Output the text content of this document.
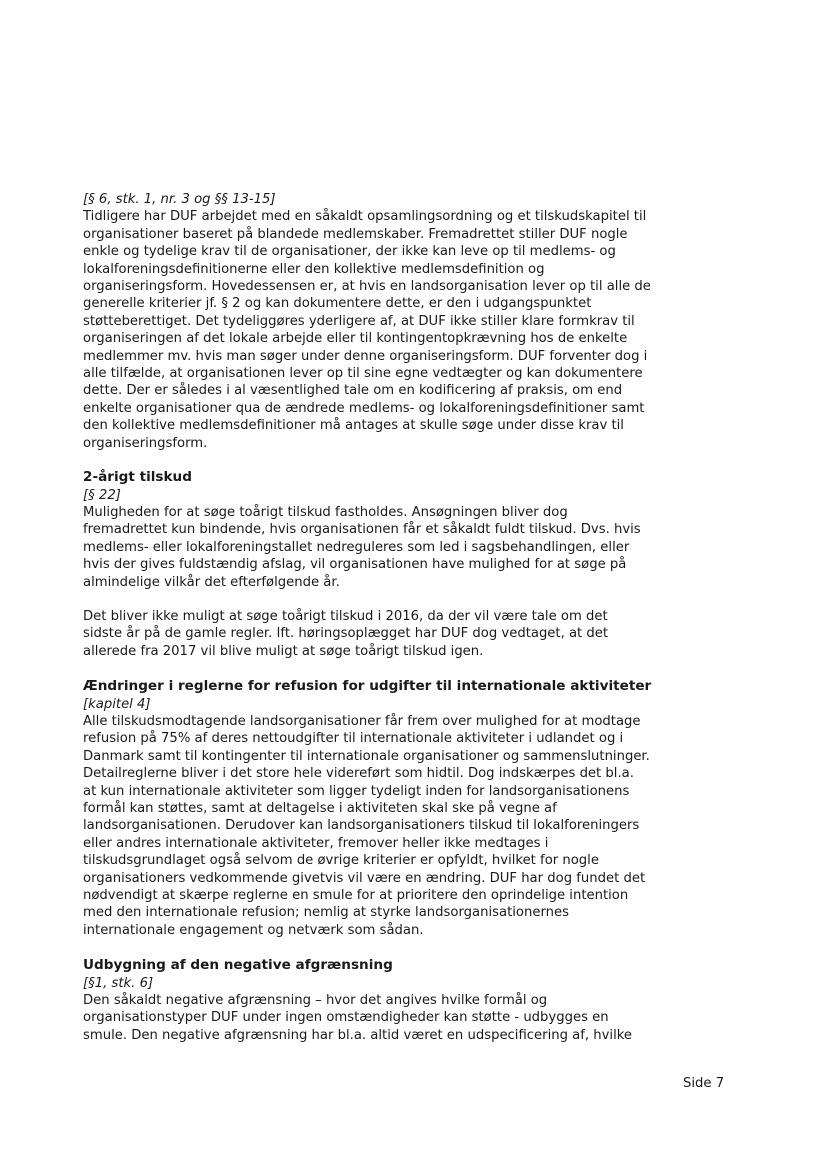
[§ 6, stk. 1, nr. 3 og §§ 13-15]

Tidligere har DUF arbejdet med en såkaldt opsamlingsordning og et tilskudskapitel til
organisationer baseret på blandede medlemskaber. Fremadrettet stiller DUF nogle
enkle og tydelige krav til de organisationer, der ikke kan leve op til medlems- og
lokalforeningsdefinitionerne eller den kollektive medlemsdefinition og
organiseringsform. Hovedessensen er, at hvis en landsorganisation lever op til alle de
generelle kriterier jf. § 2 og kan dokumentere dette, er den i udgangspunktet
støtteberettiget. Det tydeliggøres yderligere af, at DUF ikke stiller klare formkrav til
organiseringen af det lokale arbejde eller til kontingentopkrævning hos de enkelte
medlemmer mv. hvis man søger under denne organiseringsform. DUF forventer dog i
alle tilfælde, at organisationen lever op til sine egne vedtægter og kan dokumentere
dette. Der er således i al væsentlighed tale om en kodificering af praksis, om end
enkelte organisationer qua de ændrede medlems- og lokalforeningsdefinitioner samt
den kollektive medlemsdefinitioner må antages at skulle søge under disse krav til
organiseringsform.

2-årigt tilskud

[§ 22]

Muligheden for at søge toårigt tilskud fastholdes. Ansøgningen bliver dog
fremadrettet kun bindende, hvis organisationen får et såkaldt fuldt tilskud. Dvs. hvis
medlems- eller lokalforeningstallet nedreguleres som led i sagsbehandlingen, eller
hvis der gives fuldstændig afslag, vil organisationen have mulighed for at søge på
almindelige vilkår det efterfølgende år.

Det bliver ikke muligt at søge toårigt tilskud i 2016, da der vil være tale om det
sidste år på de gamle regler. Ift. høringsoplægget har DUF dog vedtaget, at det
allerede fra 2017 vil blive muligt at søge toårigt tilskud igen.

Ændringer i reglerne for refusion for udgifter til internationale aktiviteter

[kapitel 4]

Alle tilskudsmodtagende landsorganisationer får frem over mulighed for at modtage
refusion på 75% af deres nettoudgifter til internationale aktiviteter i udlandet og i
Danmark samt til kontingenter til internationale organisationer og sammenslutninger.
Detailreglerne bliver i det store hele videreført som hidtil. Dog indskærpes det bl.a.
at kun internationale aktiviteter som ligger tydeligt inden for landsorganisationens
formål kan støttes, samt at deltagelse i aktiviteten skal ske på vegne af
landsorganisationen. Derudover kan landsorganisationers tilskud til lokalforeningers
eller andres internationale aktiviteter, fremover heller ikke medtages i
tilskudsgrundlaget også selvom de øvrige kriterier er opfyldt, hvilket for nogle
organisationers vedkommende givetvis vil være en ændring. DUF har dog fundet det
nødvendigt at skærpe reglerne en smule for at prioritere den oprindelige intention
med den internationale refusion; nemlig at styrke landsorganisationernes
internationale engagement og netværk som sådan.

Udbygning af den negative afgrænsning

[§1, stk. 6]

Den såkaldt negative afgrænsning – hvor det angives hvilke formål og
organisationstyper DUF under ingen omstændigheder kan støtte - udbygges en
smule. Den negative afgrænsning har bl.a. altid været en udspecificering af, hvilke

Side 7
